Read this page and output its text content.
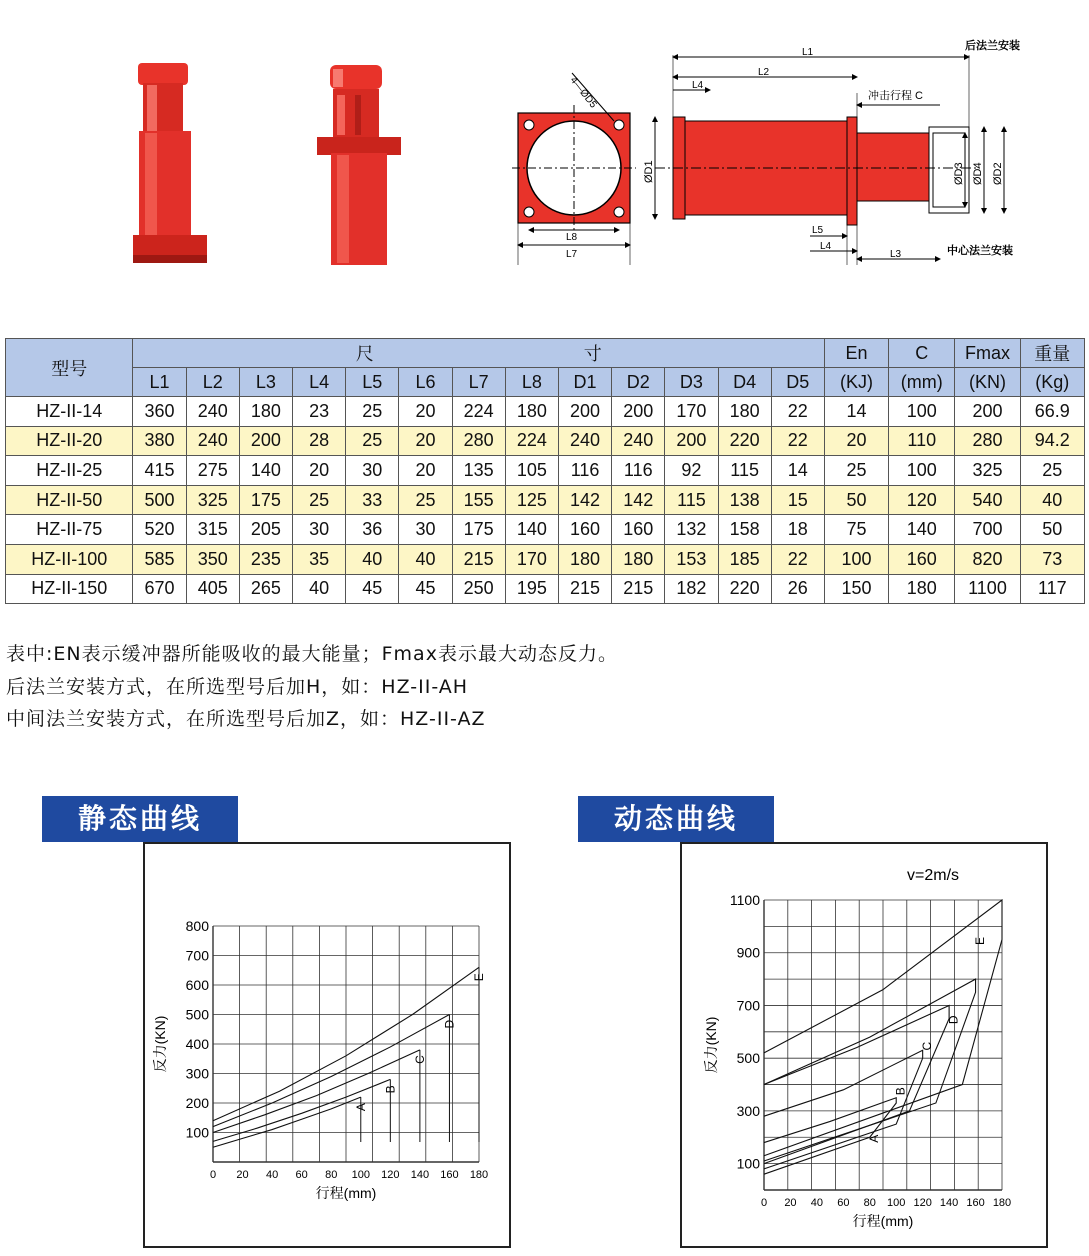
4—ØD5
L8
L7
L1
L2
L4
冲击行程 C
ØD1	ØD3 ØD4 ØD2
L5
L4
L3
后法兰安装
中心法兰安装
型号	尺 寸													En	C	Fmax	重量
	L1	L2	L3	L4	L5	L6	L7	L8	D1	D2	D3	D4	D5	(KJ)	(mm)	(KN)	(Kg)
HZ-II-14	360	240	180	23	25	20	224	180	200	200	170	180	22	14	100	200	66.9
HZ-II-20	380	240	200	28	25	20	280	224	240	240	200	220	22	20	110	280	94.2
HZ-II-25	415	275	140	20	30	20	135	105	116	116	92	115	14	25	100	325	25
HZ-II-50	500	325	175	25	33	25	155	125	142	142	115	138	15	50	120	540	40
HZ-II-75	520	315	205	30	36	30	175	140	160	160	132	158	18	75	140	700	50
HZ-II-100	585	350	235	35	40	40	215	170	180	180	153	185	22	100	160	820	73
HZ-II-150	670	405	265	40	45	45	250	195	215	215	182	220	26	150	180	1100	117
表中:EN表示缓冲器所能吸收的最大能量；Fmax表示最大动态反力。
后法兰安装方式，在所选型号后加H，如：HZ-II-AH
中间法兰安装方式，在所选型号后加Z，如：HZ-II-AZ
静态曲线
0 20 40 60 80 100 120 140 160 180
100
200
300
400
500
600
700
800
行程(mm)
反力(KN)
A
B
C
D
E
动态曲线
0 20 40 60 80 100 120 140 160 180
100
300
500
700
900
1100
行程(mm)
反力(KN)
v=2m/s
A
B
C
D
E
